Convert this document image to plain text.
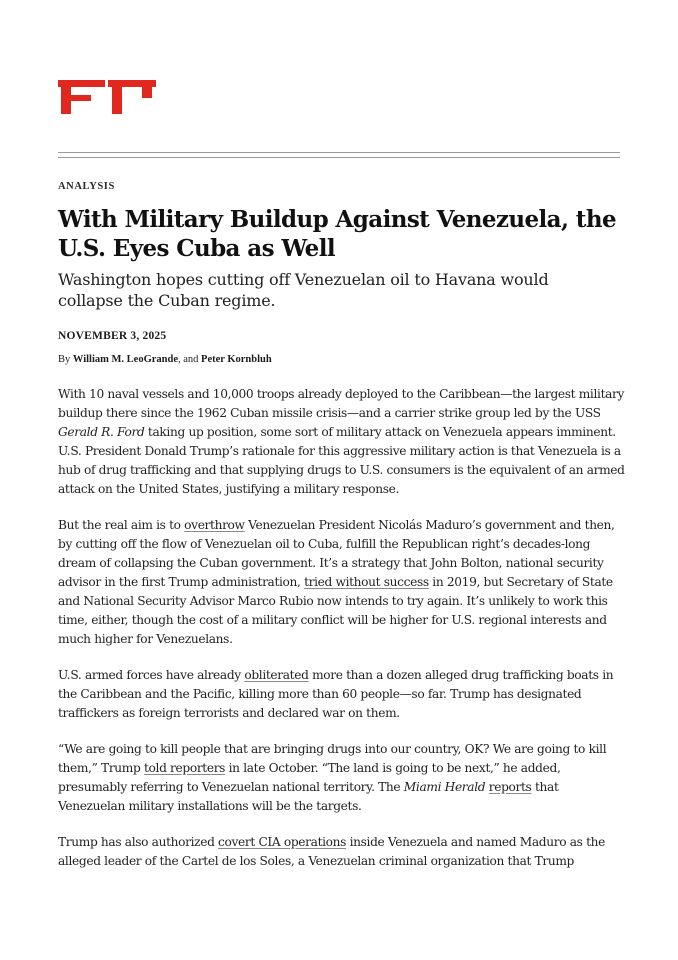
ANALYSIS
With Military Buildup Against Venezuela, the U.S. Eyes Cuba as Well

Washington hopes cutting off Venezuelan oil to Havana would collapse the Cuban regime.

NOVEMBER 3, 2025
By William M. LeoGrande, and Peter Kornbluh

With 10 naval vessels and 10,000 troops already deployed to the Caribbean—the largest military buildup there since the 1962 Cuban missile crisis—and a carrier strike group led by the USS Gerald R. Ford taking up position, some sort of military attack on Venezuela appears imminent. U.S. President Donald Trump’s rationale for this aggressive military action is that Venezuela is a hub of drug trafficking and that supplying drugs to U.S. consumers is the equivalent of an armed attack on the United States, justifying a military response.

But the real aim is to overthrow Venezuelan President Nicolás Maduro’s government and then, by cutting off the flow of Venezuelan oil to Cuba, fulfill the Republican right’s decades-long dream of collapsing the Cuban government. It’s a strategy that John Bolton, national security advisor in the first Trump administration, tried without success in 2019, but Secretary of State and National Security Advisor Marco Rubio now intends to try again. It’s unlikely to work this time, either, though the cost of a military conflict will be higher for U.S. regional interests and much higher for Venezuelans.

U.S. armed forces have already obliterated more than a dozen alleged drug trafficking boats in the Caribbean and the Pacific, killing more than 60 people—so far. Trump has designated traffickers as foreign terrorists and declared war on them.

“We are going to kill people that are bringing drugs into our country, OK? We are going to kill them,” Trump told reporters in late October. “The land is going to be next,” he added, presumably referring to Venezuelan national territory. The Miami Herald reports that Venezuelan military installations will be the targets.

Trump has also authorized covert CIA operations inside Venezuela and named Maduro as the alleged leader of the Cartel de los Soles, a Venezuelan criminal organization that Trump
